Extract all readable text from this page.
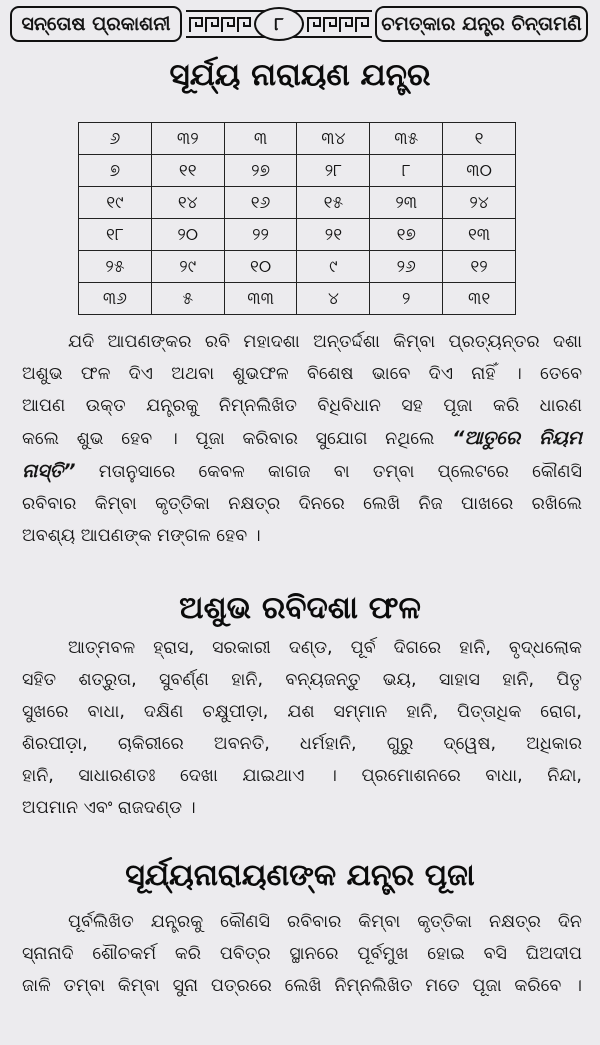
ସନ୍ତୋଷ ପ୍ରକାଶନୀ	୮	ଚମତ୍କାର ଯନ୍ତ୍ର ଚିନ୍ତାମଣି
ସୂର୍ଯ୍ୟ ନାରାୟଣ ଯନ୍ତ୍ର
୬	୩୨	୩	୩୪	୩୫	୧
୭	୧୧	୨୭	୨୮	୮	୩୦
୧୯	୧୪	୧୬	୧୫	୨୩	୨୪
୧୮	୨୦	୨୨	୨୧	୧୭	୧୩
୨୫	୨୯	୧୦	୯	୨୬	୧୨
୩୬	୫	୩୩	୪	୨	୩୧
ଯଦି ଆପଣଙ୍କର ରବି ମହାଦଶା ଅନ୍ତର୍ଦ୍ଦଶା କିମ୍ବା ପ୍ରତ୍ୟନ୍ତର ଦଶା
ଅଶୁଭ ଫଳ ଦିଏ ଅଥବା ଶୁଭଫଳ ବିଶେଷ ଭାବେ ଦିଏ ନାହିଁ । ତେବେ
ଆପଣ ଉକ୍ତ ଯନ୍ତ୍ରକୁ ନିମ୍ନଲିଖିତ ବିଧିବିଧାନ ସହ ପୂଜା କରି ଧାରଣ
କଲେ ଶୁଭ ହେବ । ପୂଜା କରିବାର ସୁଯୋଗ ନଥିଲେ “ଆତୁରେ ନିୟମ
ନାସ୍ତି” ମତାନୁସାରେ କେବଳ କାଗଜ ବା ତମ୍ବା ପ୍ଲେଟରେ କୌଣସି
ରବିବାର କିମ୍ବା କୃତ୍ତିକା ନକ୍ଷତ୍ର ଦିନରେ ଲେଖି ନିଜ ପାଖରେ ରଖିଲେ
ଅବଶ୍ୟ ଆପଣଙ୍କ ମଙ୍ଗଳ ହେବ ।
ଅଶୁଭ ରବିଦଶା ଫଳ
ଆତ୍ମବଳ ହ୍ରାସ, ସରକାରୀ ଦଣ୍ଡ, ପୂର୍ବ ଦିଗରେ ହାନି, ବୃଦ୍ଧଲୋକ
ସହିତ ଶତ୍ରୁତା, ସୁବର୍ଣ୍ଣ ହାନି, ବନ୍ୟଜନ୍ତୁ ଭୟ, ସାହାସ ହାନି, ପିତୃ
ସୁଖରେ ବାଧା, ଦକ୍ଷିଣ ଚକ୍ଷୁପୀଡ଼ା, ଯଶ ସମ୍ମାନ ହାନି, ପିତ୍ତାଧିକ ରୋଗ,
ଶିରପୀଡ଼ା, ଚାକିରୀରେ ଅବନତି, ଧର୍ମହାନି, ଗୁରୁ ଦ୍ୱେଷ, ଅଧିକାର
ହାନି, ସାଧାରଣତଃ ଦେଖା ଯାଇଥାଏ । ପ୍ରମୋଶନରେ ବାଧା, ନିନ୍ଦା,
ଅପମାନ ଏବଂ ରାଜଦଣ୍ଡ ।
ସୂର୍ଯ୍ୟନାରାୟଣଙ୍କ ଯନ୍ତ୍ର ପୂଜା
ପୂର୍ବଲିଖିତ ଯନ୍ତ୍ରକୁ କୌଣସି ରବିବାର କିମ୍ବା କୃତ୍ତିକା ନକ୍ଷତ୍ର ଦିନ
ସ୍ନାନାଦି ଶୌଚକର୍ମ କରି ପବିତ୍ର ସ୍ଥାନରେ ପୂର୍ବମୁଖ ହୋଇ ବସି ଘିଅଦୀପ
ଜାଳି ତମ୍ବା କିମ୍ବା ସୁନା ପତ୍ରରେ ଲେଖି ନିମ୍ନଲିଖିତ ମତେ ପୂଜା କରିବେ ।
